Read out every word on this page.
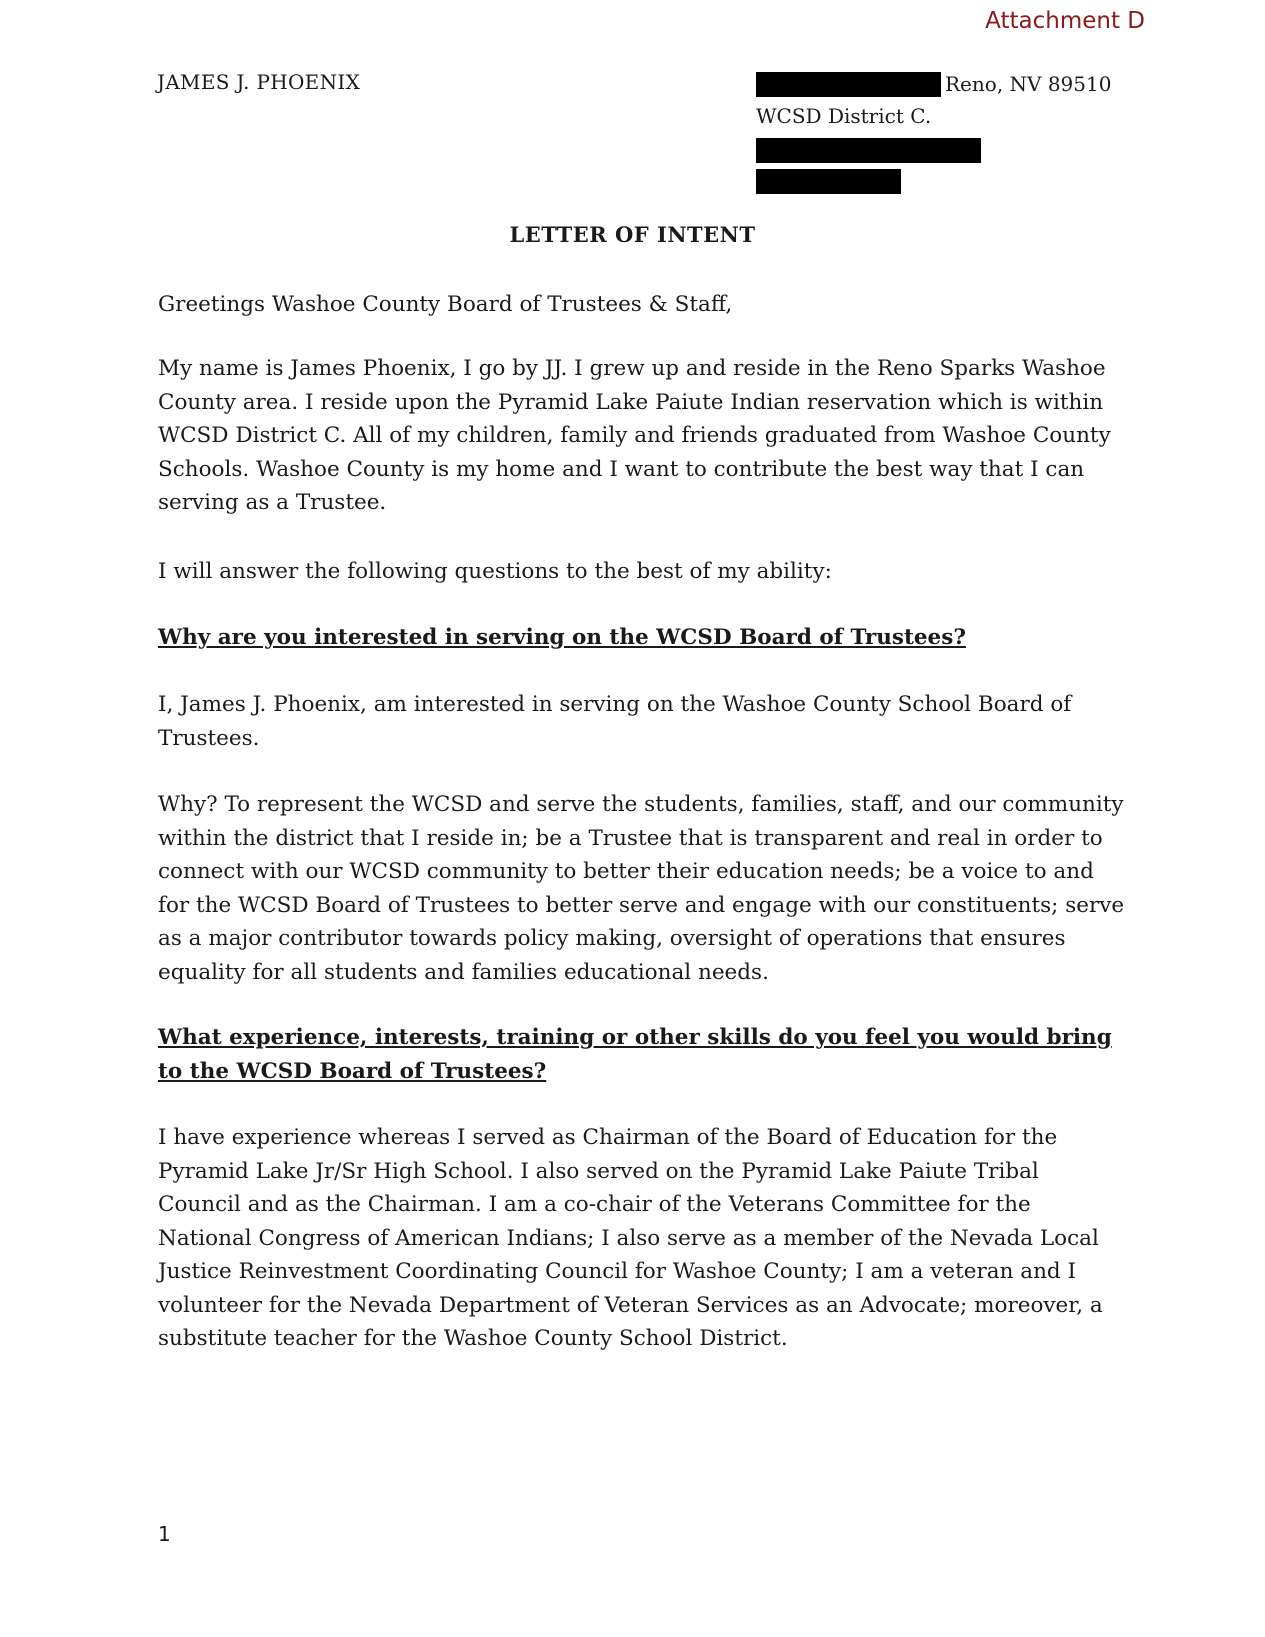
Attachment D
JAMES J. PHOENIX	Reno, NV 89510
WCSD District C.
LETTER OF INTENT
Greetings Washoe County Board of Trustees & Staff,
My name is James Phoenix, I go by JJ. I grew up and reside in the Reno Sparks Washoe County area. I reside upon the Pyramid Lake Paiute Indian reservation which is within WCSD District C. All of my children, family and friends graduated from Washoe County Schools. Washoe County is my home and I want to contribute the best way that I can serving as a Trustee.
I will answer the following questions to the best of my ability:
Why are you interested in serving on the WCSD Board of Trustees?
I, James J. Phoenix, am interested in serving on the Washoe County School Board of Trustees.
Why? To represent the WCSD and serve the students, families, staff, and our community within the district that I reside in; be a Trustee that is transparent and real in order to connect with our WCSD community to better their education needs; be a voice to and for the WCSD Board of Trustees to better serve and engage with our constituents; serve as a major contributor towards policy making, oversight of operations that ensures equality for all students and families educational needs.
What experience, interests, training or other skills do you feel you would bring to the WCSD Board of Trustees?
I have experience whereas I served as Chairman of the Board of Education for the Pyramid Lake Jr/Sr High School. I also served on the Pyramid Lake Paiute Tribal Council and as the Chairman. I am a co-chair of the Veterans Committee for the National Congress of American Indians; I also serve as a member of the Nevada Local Justice Reinvestment Coordinating Council for Washoe County; I am a veteran and I volunteer for the Nevada Department of Veteran Services as an Advocate; moreover, a substitute teacher for the Washoe County School District.
1
